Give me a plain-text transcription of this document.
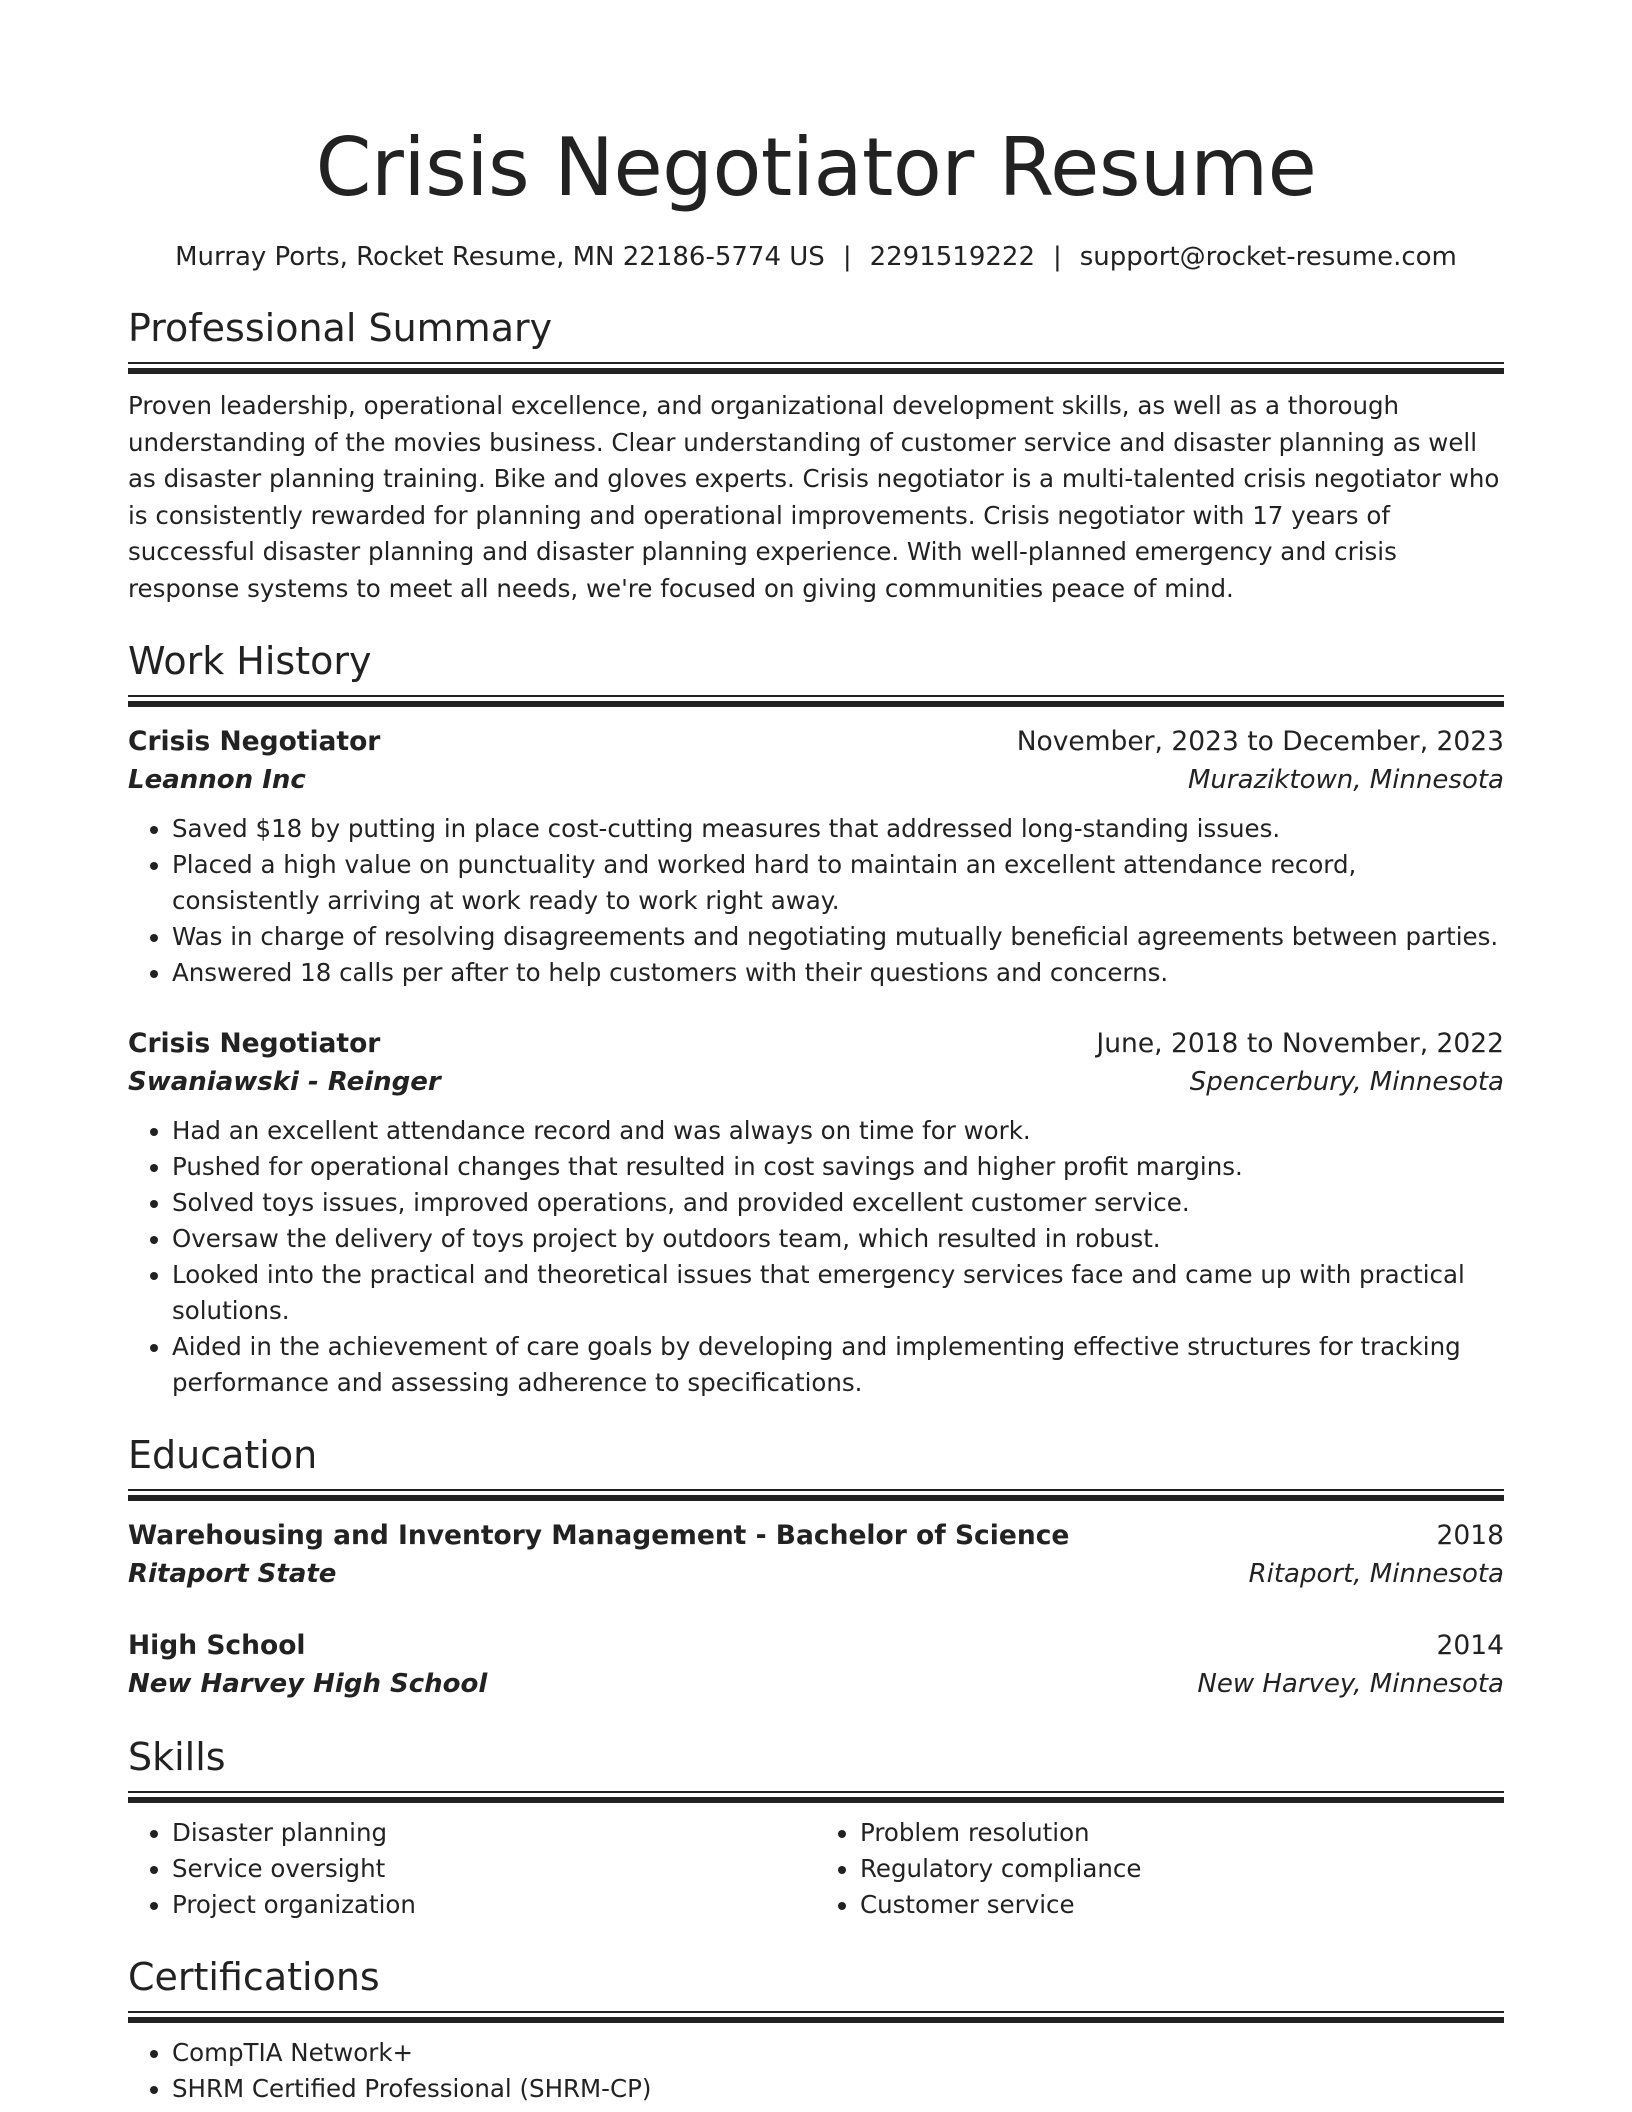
Crisis Negotiator Resume
Murray Ports, Rocket Resume, MN 22186-5774 US | 2291519222 | support@rocket-resume.com
Professional Summary

Proven leadership, operational excellence, and organizational development skills, as well as a thorough understanding of the movies business. Clear understanding of customer service and disaster planning as well as disaster planning training. Bike and gloves experts. Crisis negotiator is a multi-talented crisis negotiator who is consistently rewarded for planning and operational improvements. Crisis negotiator with 17 years of successful disaster planning and disaster planning experience. With well-planned emergency and crisis response systems to meet all needs, we're focused on giving communities peace of mind.

Work History
Crisis Negotiator	November, 2023 to December, 2023
Leannon Inc	Muraziktown, Minnesota
• Saved $18 by putting in place cost-cutting measures that addressed long-standing issues.
• Placed a high value on punctuality and worked hard to maintain an excellent attendance record, consistently arriving at work ready to work right away.
• Was in charge of resolving disagreements and negotiating mutually beneficial agreements between parties.
• Answered 18 calls per after to help customers with their questions and concerns.
Crisis Negotiator	June, 2018 to November, 2022
Swaniawski - Reinger	Spencerbury, Minnesota
• Had an excellent attendance record and was always on time for work.
• Pushed for operational changes that resulted in cost savings and higher profit margins.
• Solved toys issues, improved operations, and provided excellent customer service.
• Oversaw the delivery of toys project by outdoors team, which resulted in robust.
• Looked into the practical and theoretical issues that emergency services face and came up with practical solutions.
• Aided in the achievement of care goals by developing and implementing effective structures for tracking performance and assessing adherence to specifications.
Education
Warehousing and Inventory Management - Bachelor of Science	2018
Ritaport State	Ritaport, Minnesota
High School	2014
New Harvey High School	New Harvey, Minnesota
Skills
• Disaster planning
• Service oversight
• Project organization
• Problem resolution
• Regulatory compliance
• Customer service
Certifications
• CompTIA Network+
• SHRM Certified Professional (SHRM-CP)
